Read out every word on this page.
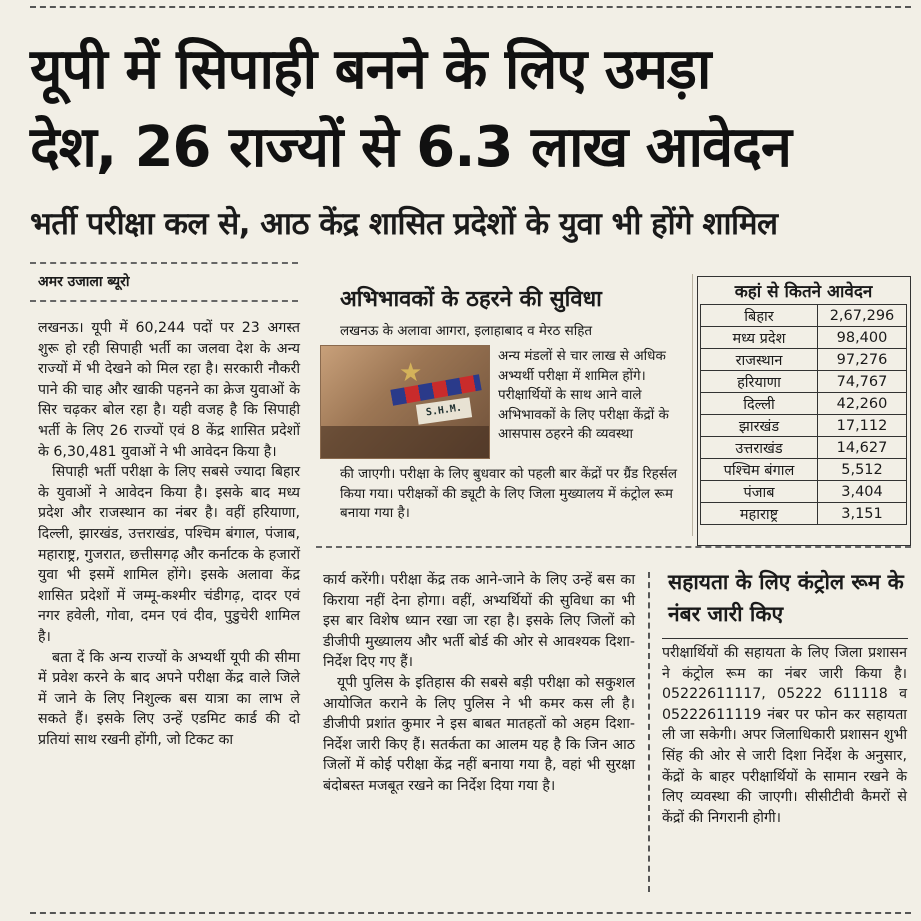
यूपी में सिपाही बनने के लिए उमड़ा
देश, 26 राज्यों से 6.3 लाख आवेदन
भर्ती परीक्षा कल से, आठ केंद्र शासित प्रदेशों के युवा भी होंगे शामिल
अमर उजाला ब्यूरो

लखनऊ। यूपी में 60,244 पदों पर 23 अगस्त शुरू हो रही सिपाही भर्ती का जलवा देश के अन्य राज्यों में भी देखने को मिल रहा है। सरकारी नौकरी पाने की चाह और खाकी पहनने का क्रेज युवाओं के सिर चढ़कर बोल रहा है। यही वजह है कि सिपाही भर्ती के लिए 26 राज्यों एवं 8 केंद्र शासित प्रदेशों के 6,30,481 युवाओं ने भी आवेदन किया है।

सिपाही भर्ती परीक्षा के लिए सबसे ज्यादा बिहार के युवाओं ने आवेदन किया है। इसके बाद मध्य प्रदेश और राजस्थान का नंबर है। वहीं हरियाणा, दिल्ली, झारखंड, उत्तराखंड, पश्चिम बंगाल, पंजाब, महाराष्ट्र, गुजरात, छत्तीसगढ़ और कर्नाटक के हजारों युवा भी इसमें शामिल होंगे। इसके अलावा केंद्र शासित प्रदेशों में जम्मू-कश्मीर चंडीगढ़, दादर एवं नगर हवेली, गोवा, दमन एवं दीव, पुडुचेरी शामिल है।

बता दें कि अन्य राज्यों के अभ्यर्थी यूपी की सीमा में प्रवेश करने के बाद अपने परीक्षा केंद्र वाले जिले में जाने के लिए निशुल्क बस यात्रा का लाभ ले सकते हैं। इसके लिए उन्हें एडमिट कार्ड की दो प्रतियां साथ रखनी होंगी, जो टिकट का

अभिभावकों के ठहरने की सुविधा
लखनऊ के अलावा आगरा, इलाहाबाद व मेरठ सहित
★
S.H.M.
अन्य मंडलों से चार लाख से अधिक अभ्यर्थी परीक्षा में शामिल होंगे। परीक्षार्थियों के साथ आने वाले अभिभावकों के लिए परीक्षा केंद्रों के आसपास ठहरने की व्यवस्था
की जाएगी। परीक्षा के लिए बुधवार को पहली बार केंद्रों पर ग्रैंड रिहर्सल किया गया। परीक्षकों की ड्यूटी के लिए जिला मुख्यालय में कंट्रोल रूम बनाया गया है।
कहां से कितने आवेदन
बिहार	2,67,296
मध्य प्रदेश	98,400
राजस्थान	97,276
हरियाणा	74,767
दिल्ली	42,260
झारखंड	17,112
उत्तराखंड	14,627
पश्चिम बंगाल	5,512
पंजाब	3,404
महाराष्ट्र	3,151

कार्य करेंगी। परीक्षा केंद्र तक आने-जाने के लिए उन्हें बस का किराया नहीं देना होगा। वहीं, अभ्यर्थियों की सुविधा का भी इस बार विशेष ध्यान रखा जा रहा है। इसके लिए जिलों को डीजीपी मुख्यालय और भर्ती बोर्ड की ओर से आवश्यक दिशा-निर्देश दिए गए हैं।

यूपी पुलिस के इतिहास की सबसे बड़ी परीक्षा को सकुशल आयोजित कराने के लिए पुलिस ने भी कमर कस ली है। डीजीपी प्रशांत कुमार ने इस बाबत मातहतों को अहम दिशा-निर्देश जारी किए हैं। सतर्कता का आलम यह है कि जिन आठ जिलों में कोई परीक्षा केंद्र नहीं बनाया गया है, वहां भी सुरक्षा बंदोबस्त मजबूत रखने का निर्देश दिया गया है।

सहायता के लिए कंट्रोल रूम के नंबर जारी किए

परीक्षार्थियों की सहायता के लिए जिला प्रशासन ने कंट्रोल रूम का नंबर जारी किया है। 05222611117, 05222 611118 व 05222611119 नंबर पर फोन कर सहायता ली जा सकेगी। अपर जिलाधिकारी प्रशासन शुभी सिंह की ओर से जारी दिशा निर्देश के अनुसार, केंद्रों के बाहर परीक्षार्थियों के सामान रखने के लिए व्यवस्था की जाएगी। सीसीटीवी कैमरों से केंद्रों की निगरानी होगी।
